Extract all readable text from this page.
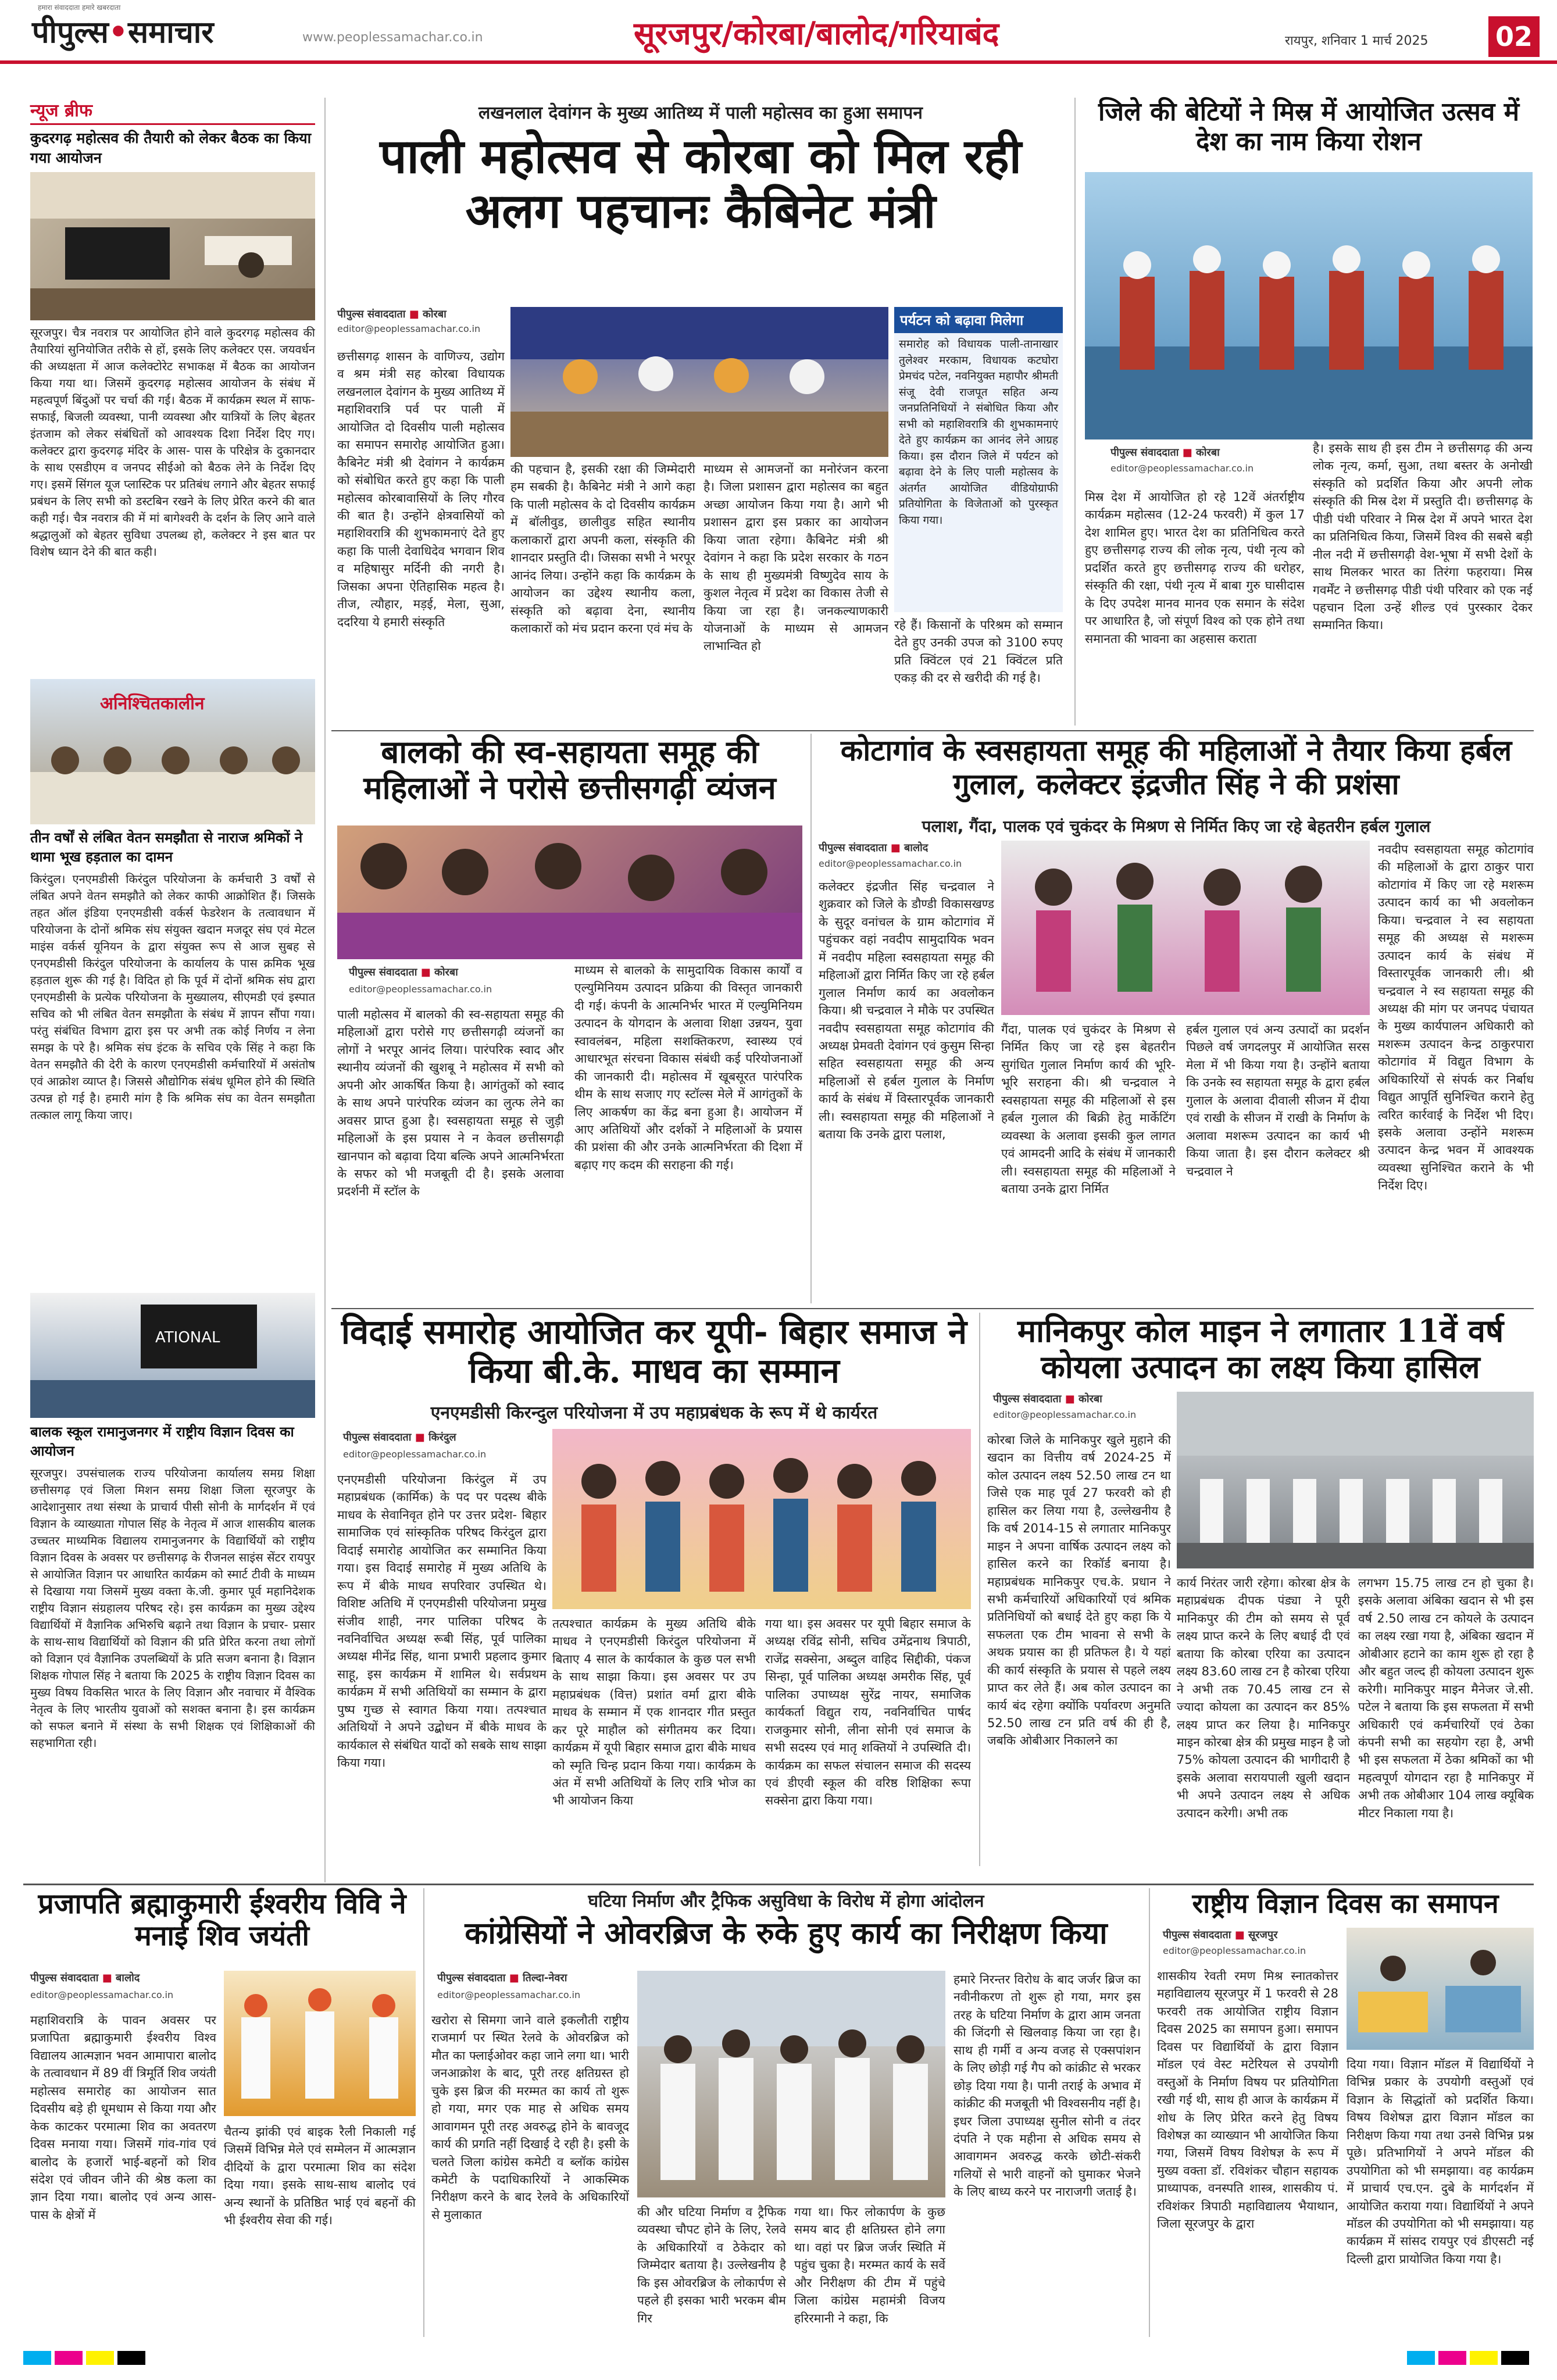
हमारा संवाददाता हमारे खबरदाता
पीपुल्स•समाचार	www.peoplessamachar.co.in	सूरजपुर/कोरबा/बालोद/गरियाबंद	रायपुर, शनिवार 1 मार्च 2025	02
न्यूज ब्रीफ
कुदरगढ़ महोत्सव की तैयारी को लेकर बैठक का किया गया आयोजन
सूरजपुर। चैत्र नवरात्र पर आयोजित होने वाले कुदरगढ़ महोत्सव की तैयारियां सुनियोजित तरीके से हों, इसके लिए कलेक्टर एस. जयवर्धन की अध्यक्षता में आज कलेक्टोरेट सभाकक्ष में बैठक का आयोजन किया गया था। जिसमें कुदरगढ़ महोत्सव आयोजन के संबंध में महत्वपूर्ण बिंदुओं पर चर्चा की गई। बैठक में कार्यक्रम स्थल में साफ- सफाई, बिजली व्यवस्था, पानी व्यवस्था और यात्रियों के लिए बेहतर इंतजाम को लेकर संबंधितों को आवश्यक दिशा निर्देश दिए गए। कलेक्टर द्वारा कुदरगढ़ मंदिर के आस- पास के परिक्षेत्र के दुकानदार के साथ एसडीएम व जनपद सीईओ को बैठक लेने के निर्देश दिए गए। इसमें सिंगल यूज प्लास्टिक पर प्रतिबंध लगाने और बेहतर सफाई प्रबंधन के लिए सभी को डस्टबिन रखने के लिए प्रेरित करने की बात कही गई। चैत्र नवरात्र की में मां बागेश्वरी के दर्शन के लिए आने वाले श्रद्धालुओं को बेहतर सुविधा उपलब्ध हो, कलेक्टर ने इस बात पर विशेष ध्यान देने की बात कही।
अनिश्चितकालीन
तीन वर्षों से लंबित वेतन समझौता से नाराज श्रमिकों ने थामा भूख हड़ताल का दामन
किरंदुल। एनएमडीसी किरंदुल परियोजना के कर्मचारी 3 वर्षों से लंबित अपने वेतन समझौते को लेकर काफी आक्रोशित हैं। जिसके तहत ऑल इंडिया एनएमडीसी वर्कर्स फेडरेशन के तत्वावधान में परियोजना के दोनों श्रमिक संघ संयुक्त खदान मजदूर संघ एवं मेटल माइंस वर्कर्स यूनियन के द्वारा संयुक्त रूप से आज सुबह से एनएमडीसी किरंदुल परियोजना के कार्यालय के पास क्रमिक भूख हड़ताल शुरू की गई है। विदित हो कि पूर्व में दोनों श्रमिक संघ द्वारा एनएमडीसी के प्रत्येक परियोजना के मुख्यालय, सीएमडी एवं इस्पात सचिव को भी लंबित वेतन समझौता के संबंध में ज्ञापन सौंपा गया। परंतु संबंधित विभाग द्वारा इस पर अभी तक कोई निर्णय न लेना समझ के परे है। श्रमिक संघ इंटक के सचिव एके सिंह ने कहा कि वेतन समझौते की देरी के कारण एनएमडीसी कर्मचारियों में असंतोष एवं आक्रोश व्याप्त है। जिससे औद्योगिक संबंध धूमिल होने की स्थिति उत्पन्न हो गई है। हमारी मांग है कि श्रमिक संघ का वेतन समझौता तत्काल लागू किया जाए।
ATIONAL
बालक स्कूल रामानुजनगर में राष्ट्रीय विज्ञान दिवस का आयोजन
सूरजपुर। उपसंचालक राज्य परियोजना कार्यालय समग्र शिक्षा छत्तीसगढ़ एवं जिला मिशन समग्र शिक्षा जिला सूरजपुर के आदेशानुसार तथा संस्था के प्राचार्य पीसी सोनी के मार्गदर्शन में एवं विज्ञान के व्याख्याता गोपाल सिंह के नेतृत्व में आज शासकीय बालक उच्चतर माध्यमिक विद्यालय रामानुजनगर के विद्यार्थियों को राष्ट्रीय विज्ञान दिवस के अवसर पर छत्तीसगढ़ के रीजनल साइंस सेंटर रायपुर से आयोजित विज्ञान पर आधारित कार्यक्रम को स्मार्ट टीवी के माध्यम से दिखाया गया जिसमें मुख्य वक्ता के.जी. कुमार पूर्व महानिदेशक राष्ट्रीय विज्ञान संग्रहालय परिषद रहे। इस कार्यक्रम का मुख्य उद्देश्य विद्यार्थियों में वैज्ञानिक अभिरुचि बढ़ाने तथा विज्ञान के प्रचार- प्रसार के साथ-साथ विद्यार्थियों को विज्ञान की प्रति प्रेरित करना तथा लोगों को विज्ञान एवं वैज्ञानिक उपलब्धियों के प्रति सजग बनाना है। विज्ञान शिक्षक गोपाल सिंह ने बताया कि 2025 के राष्ट्रीय विज्ञान दिवस का मुख्य विषय विकसित भारत के लिए विज्ञान और नवाचार में वैश्विक नेतृत्व के लिए भारतीय युवाओं को सशक्त बनाना है। इस कार्यक्रम को सफल बनाने में संस्था के सभी शिक्षक एवं शिक्षिकाओं की सहभागिता रही।
लखनलाल देवांगन के मुख्य आतिथ्य में पाली महोत्सव का हुआ समापन
पाली महोत्सव से कोरबा को मिल रही अलग पहचानः कैबिनेट मंत्री
पीपुल्स संवाददाता ■ कोरबा
editor@peoplessamachar.co.in
पर्यटन को बढ़ावा मिलेगा
समारोह को विधायक पाली-तानाखार तुलेश्वर मरकाम, विधायक कटघोरा प्रेमचंद पटेल, नवनियुक्त महापौर श्रीमती संजू देवी राजपूत सहित अन्य जनप्रतिनिधियों ने संबोधित किया और सभी को महाशिवरात्रि की शुभकामनाएं देते हुए कार्यक्रम का आनंद लेने आग्रह किया। इस दौरान जिले में पर्यटन को बढ़ावा देने के लिए पाली महोत्सव के अंतर्गत आयोजित वीडियोग्राफी प्रतियोगिता के विजेताओं को पुरस्कृत किया गया।
छत्तीसगढ़ शासन के वाणिज्य, उद्योग व श्रम मंत्री सह कोरबा विधायक लखनलाल देवांगन के मुख्य आतिथ्य में महाशिवरात्रि पर्व पर पाली में आयोजित दो दिवसीय पाली महोत्सव का समापन समारोह आयोजित हुआ। कैबिनेट मंत्री श्री देवांगन ने कार्यक्रम को संबोधित करते हुए कहा कि पाली महोत्सव कोरबावासियों के लिए गौरव की बात है। उन्होंने क्षेत्रवासियों को महाशिवरात्रि की शुभकामनाएं देते हुए कहा कि पाली देवाधिदेव भगवान शिव व महिषासुर मर्दिनी की नगरी है। जिसका अपना ऐतिहासिक महत्व है। तीज, त्यौहार, मड़ई, मेला, सुआ, ददरिया ये हमारी संस्कृति
की पहचान है, इसकी रक्षा की जिम्मेदारी हम सबकी है। कैबिनेट मंत्री ने आगे कहा कि पाली महोत्सव के दो दिवसीय कार्यक्रम में बॉलीवुड, छालीवुड सहित स्थानीय कलाकारों द्वारा अपनी कला, संस्कृति की शानदार प्रस्तुति दी। जिसका सभी ने भरपूर आनंद लिया। उन्होंने कहा कि कार्यक्रम के आयोजन का उद्देश्य स्थानीय कला, संस्कृति को बढ़ावा देना, स्थानीय कलाकारों को मंच प्रदान करना एवं मंच के
माध्यम से आमजनों का मनोरंजन करना है। जिला प्रशासन द्वारा महोत्सव का बहुत अच्छा आयोजन किया गया है। आगे भी प्रशासन द्वारा इस प्रकार का आयोजन किया जाता रहेगा। कैबिनेट मंत्री श्री देवांगन ने कहा कि प्रदेश सरकार के गठन के साथ ही मुख्यमंत्री विष्णुदेव साय के कुशल नेतृत्व में प्रदेश का विकास तेजी से किया जा रहा है। जनकल्याणकारी योजनाओं के माध्यम से आमजन लाभान्वित हो
रहे हैं। किसानों के परिश्रम को सम्मान देते हुए उनकी उपज को 3100 रुपए प्रति क्विंटल एवं 21 क्विंटल प्रति एकड़ की दर से खरीदी की गई है।
जिले की बेटियों ने मिस्र में आयोजित उत्सव में देश का नाम किया रोशन
पीपुल्स संवाददाता ■ कोरबा
editor@peoplessamachar.co.in
मिस्र देश में आयोजित हो रहे 12वें अंतर्राष्ट्रीय कार्यक्रम महोत्सव (12-24 फरवरी) में कुल 17 देश शामिल हुए। भारत देश का प्रतिनिधित्व करते हुए छत्तीसगढ़ राज्य की लोक नृत्य, पंथी नृत्य को प्रदर्शित करते हुए छत्तीसगढ़ राज्य की धरोहर, संस्कृति की रक्षा, पंथी नृत्य में बाबा गुरु घासीदास के दिए उपदेश मानव मानव एक समान के संदेश पर आधारित है, जो संपूर्ण विश्व को एक होने तथा समानता की भावना का अहसास कराता
है। इसके साथ ही इस टीम ने छत्तीसगढ़ की अन्य लोक नृत्य, कर्मा, सुआ, तथा बस्तर के अनोखी संस्कृति को प्रदर्शित किया और अपनी लोक संस्कृति की मिस्र देश में प्रस्तुति दी। छत्तीसगढ़ के पीडी पंथी परिवार ने मिस्र देश में अपने भारत देश का प्रतिनिधित्व किया, जिसमें विश्व की सबसे बड़ी नील नदी में छत्तीसगढ़ी वेश-भूषा में सभी देशों के साथ मिलकर भारत का तिरंगा फहराया। मिस्र गवर्मेंट ने छत्तीसगढ़ पीडी पंथी परिवार को एक नई पहचान दिला उन्हें शील्ड एवं पुरस्कार देकर सम्मानित किया।
बालको की स्व-सहायता समूह की महिलाओं ने परोसे छत्तीसगढ़ी व्यंजन
पीपुल्स संवाददाता ■ कोरबा
editor@peoplessamachar.co.in
पाली महोत्सव में बालको की स्व-सहायता समूह की महिलाओं द्वारा परोसे गए छत्तीसगढ़ी व्यंजनों का लोगों ने भरपूर आनंद लिया। पारंपरिक स्वाद और स्थानीय व्यंजनों की खुशबू ने महोत्सव में सभी को अपनी ओर आकर्षित किया है। आगंतुकों को स्वाद के साथ अपने पारंपरिक व्यंजन का लुत्फ लेने का अवसर प्राप्त हुआ है। स्वसहायता समूह से जुड़ी महिलाओं के इस प्रयास ने न केवल छत्तीसगढ़ी खानपान को बढ़ावा दिया बल्कि अपने आत्मनिर्भरता के सफर को भी मजबूती दी है। इसके अलावा प्रदर्शनी में स्टॉल के
माध्यम से बालको के सामुदायिक विकास कार्यों व एल्युमिनियम उत्पादन प्रक्रिया की विस्तृत जानकारी दी गई। कंपनी के आत्मनिर्भर भारत में एल्युमिनियम उत्पादन के योगदान के अलावा शिक्षा उन्नयन, युवा स्वावलंबन, महिला सशक्तिकरण, स्वास्थ्य एवं आधारभूत संरचना विकास संबंधी कई परियोजनाओं की जानकारी दी। महोत्सव में खूबसूरत पारंपरिक थीम के साथ सजाए गए स्टॉल्स मेले में आगंतुकों के लिए आकर्षण का केंद्र बना हुआ है। आयोजन में आए अतिथियों और दर्शकों ने महिलाओं के प्रयास की प्रशंसा की और उनके आत्मनिर्भरता की दिशा में बढ़ाए गए कदम की सराहना की गई।
कोटागांव के स्वसहायता समूह की महिलाओं ने तैयार किया हर्बल गुलाल, कलेक्टर इंद्रजीत सिंह ने की प्रशंसा
पलाश, गैंदा, पालक एवं चुकंदर के मिश्रण से निर्मित किए जा रहे बेहतरीन हर्बल गुलाल
पीपुल्स संवाददाता ■ बालोद
editor@peoplessamachar.co.in
कलेक्टर इंद्रजीत सिंह चन्द्रवाल ने शुक्रवार को जिले के डौण्डी विकासखण्ड के सुदूर वनांचल के ग्राम कोटागांव में पहुंचकर वहां नवदीप सामुदायिक भवन में नवदीप महिला स्वसहायता समूह की महिलाओं द्वारा निर्मित किए जा रहे हर्बल गुलाल निर्माण कार्य का अवलोकन किया। श्री चन्द्रवाल ने मौके पर उपस्थित नवदीप स्वसहायता समूह कोटागांव की अध्यक्ष प्रेमवती देवांगन एवं कुसुम सिन्हा सहित स्वसहायता समूह की अन्य महिलाओं से हर्बल गुलाल के निर्माण कार्य के संबंध में विस्तारपूर्वक जानकारी ली। स्वसहायता समूह की महिलाओं ने बताया कि उनके द्वारा पलाश,
गैंदा, पालक एवं चुकंदर के मिश्रण से निर्मित किए जा रहे इस बेहतरीन सुगंधित गुलाल निर्माण कार्य की भूरि-भूरि सराहना की। श्री चन्द्रवाल ने स्वसहायता समूह की महिलाओं से इस हर्बल गुलाल की बिक्री हेतु मार्केटिंग व्यवस्था के अलावा इसकी कुल लागत एवं आमदनी आदि के संबंध में जानकारी ली। स्वसहायता समूह की महिलाओं ने बताया उनके द्वारा निर्मित
हर्बल गुलाल एवं अन्य उत्पादों का प्रदर्शन पिछले वर्ष जगदलपुर में आयोजित सरस मेला में भी किया गया है। उन्होंने बताया कि उनके स्व सहायता समूह के द्वारा हर्बल गुलाल के अलावा दीवाली सीजन में दीया एवं राखी के सीजन में राखी के निर्माण के अलावा मशरूम उत्पादन का कार्य भी किया जाता है। इस दौरान कलेक्टर श्री चन्द्रवाल ने
नवदीप स्वसहायता समूह कोटागांव की महिलाओं के द्वारा ठाकुर पारा कोटागांव में किए जा रहे मशरूम उत्पादन कार्य का भी अवलोकन किया। चन्द्रवाल ने स्व सहायता समूह की अध्यक्ष से मशरूम उत्पादन कार्य के संबंध में विस्तारपूर्वक जानकारी ली। श्री चन्द्रवाल ने स्व सहायता समूह की अध्यक्ष की मांग पर जनपद पंचायत के मुख्य कार्यपालन अधिकारी को मशरूम उत्पादन केन्द्र ठाकुरपारा कोटागांव में विद्युत विभाग के अधिकारियों से संपर्क कर निर्बाध विद्युत आपूर्ति सुनिश्चित कराने हेतु त्वरित कार्रवाई के निर्देश भी दिए। इसके अलावा उन्होंने मशरूम उत्पादन केन्द्र भवन में आवश्यक व्यवस्था सुनिश्चित कराने के भी निर्देश दिए।
विदाई समारोह आयोजित कर यूपी- बिहार समाज ने किया बी.के. माधव का सम्मान
एनएमडीसी किरन्दुल परियोजना में उप महाप्रबंधक के रूप में थे कार्यरत
पीपुल्स संवाददाता ■ किरंदुल
editor@peoplessamachar.co.in
एनएमडीसी परियोजना किरंदुल में उप महाप्रबंधक (कार्मिक) के पद पर पदस्थ बीके माधव के सेवानिवृत होने पर उत्तर प्रदेश- बिहार सामाजिक एवं सांस्कृतिक परिषद किरंदुल द्वारा विदाई समारोह आयोजित कर सम्मानित किया गया। इस विदाई समारोह में मुख्य अतिथि के रूप में बीके माधव सपरिवार उपस्थित थे। विशिष्ट अतिथि में एनएमडीसी परियोजना प्रमुख संजीव शाही, नगर पालिका परिषद के नवनिर्वाचित अध्यक्ष रूबी सिंह, पूर्व पालिका अध्यक्ष मीनेंद्र सिंह, थाना प्रभारी प्रहलाद कुमार साहू, इस कार्यक्रम में शामिल थे। सर्वप्रथम कार्यक्रम में सभी अतिथियों का सम्मान के द्वारा पुष्प गुच्छ से स्वागत किया गया। तत्पश्चात अतिथियों ने अपने उद्बोधन में बीके माधव के कार्यकाल से संबंधित यादों को सबके साथ साझा किया गया।
तत्पश्चात कार्यक्रम के मुख्य अतिथि बीके माधव ने एनएमडीसी किरंदुल परियोजना में बिताए 4 साल के कार्यकाल के कुछ पल सभी के साथ साझा किया। इस अवसर पर उप महाप्रबंधक (वित्त) प्रशांत वर्मा द्वारा बीके माधव के सम्मान में एक शानदार गीत प्रस्तुत कर पूरे माहौल को संगीतमय कर दिया। कार्यक्रम में यूपी बिहार समाज द्वारा बीके माधव को स्मृति चिन्ह प्रदान किया गया। कार्यक्रम के अंत में सभी अतिथियों के लिए रात्रि भोज का भी आयोजन किया
गया था। इस अवसर पर यूपी बिहार समाज के अध्यक्ष रविंद्र सोनी, सचिव उमेंद्रनाथ त्रिपाठी, राजेंद्र सक्सेना, अब्दुल वाहिद सिद्दीकी, पंकज सिन्हा, पूर्व पालिका अध्यक्ष अमरीक सिंह, पूर्व पालिका उपाध्यक्ष सुरेंद्र नायर, समाजिक कार्यकर्ता विद्युत राय, नवनिर्वाचित पार्षद राजकुमार सोनी, लीना सोनी एवं समाज के सभी सदस्य एवं मातृ शक्तियों ने उपस्थिति दी। कार्यक्रम का सफल संचालन समाज की सदस्य एवं डीएवी स्कूल की वरिष्ठ शिक्षिका रूपा सक्सेना द्वारा किया गया।
मानिकपुर कोल माइन ने लगातार 11वें वर्ष कोयला उत्पादन का लक्ष्य किया हासिल
पीपुल्स संवाददाता ■ कोरबा
editor@peoplessamachar.co.in
कोरबा जिले के मानिकपुर खुले मुहाने की खदान का वित्तीय वर्ष 2024-25 में कोल उत्पादन लक्ष्य 52.50 लाख टन था जिसे एक माह पूर्व 27 फरवरी को ही हासिल कर लिया गया है, उल्लेखनीय है कि वर्ष 2014-15 से लगातार मानिकपुर माइन ने अपना वार्षिक उत्पादन लक्ष्य को हासिल करने का रिकॉर्ड बनाया है। महाप्रबंधक मानिकपुर एच.के. प्रधान ने सभी कर्मचारियों अधिकारियों एवं श्रमिक प्रतिनिधियों को बधाई देते हुए कहा कि ये सफलता एक टीम भावना से सभी के अथक प्रयास का ही प्रतिफल है। ये यहां की कार्य संस्कृति के प्रयास से पहले लक्ष्य प्राप्त कर लेते हैं। अब कोल उत्पादन का कार्य बंद रहेगा क्योंकि पर्यावरण अनुमति 52.50 लाख टन प्रति वर्ष की ही है, जबकि ओबीआर निकालने का
कार्य निरंतर जारी रहेगा। कोरबा क्षेत्र के महाप्रबंधक दीपक पंड्या ने पूरी मानिकपुर की टीम को समय से पूर्व लक्ष्य प्राप्त करने के लिए बधाई दी एवं बताया कि कोरबा एरिया का उत्पादन लक्ष्य 83.60 लाख टन है कोरबा एरिया ने अभी तक 70.45 लाख टन से ज्यादा कोयला का उत्पादन कर 85% लक्ष्य प्राप्त कर लिया है। मानिकपुर माइन कोरबा क्षेत्र की प्रमुख माइन है जो 75% कोयला उत्पादन की भागीदारी है इसके अलावा सरायपाली खुली खदान भी अपने उत्पादन लक्ष्य से अधिक उत्पादन करेगी। अभी तक
लगभग 15.75 लाख टन हो चुका है। इसके अलावा अंबिका खदान से भी इस वर्ष 2.50 लाख टन कोयले के उत्पादन का लक्ष्य रखा गया है, अंबिका खदान में ओबीआर हटाने का काम शुरू हो रहा है और बहुत जल्द ही कोयला उत्पादन शुरू करेगी। मानिकपुर माइन मैनेजर जे.सी. पटेल ने बताया कि इस सफलता में सभी अधिकारी एवं कर्मचारियों एवं ठेका कंपनी सभी का सहयोग रहा है, अभी भी इस सफलता में ठेका श्रमिकों का भी महत्वपूर्ण योगदान रहा है मानिकपुर में अभी तक ओबीआर 104 लाख क्यूबिक मीटर निकाला गया है।
प्रजापति ब्रह्माकुमारी ईश्वरीय विवि ने मनाई शिव जयंती
पीपुल्स संवाददाता ■ बालोद
editor@peoplessamachar.co.in
महाशिवरात्रि के पावन अवसर पर प्रजापिता ब्रह्माकुमारी ईश्वरीय विश्व विद्यालय आत्मज्ञान भवन आमापारा बालोद के तत्वावधान में 89 वीं त्रिमूर्ति शिव जयंती महोत्सव समारोह का आयोजन सात दिवसीय बड़े ही धूमधाम से किया गया और केक काटकर परमात्मा शिव का अवतरण दिवस मनाया गया। जिसमें गांव-गांव एवं बालोद के हजारों भाई-बहनों को शिव संदेश एवं जीवन जीने की श्रेष्ठ कला का ज्ञान दिया गया। बालोद एवं अन्य आस-पास के क्षेत्रों में
चैतन्य झांकी एवं बाइक रैली निकाली गई जिसमें विभिन्न मेले एवं सम्मेलन में आत्मज्ञान दीदियों के द्वारा परमात्मा शिव का संदेश दिया गया। इसके साथ-साथ बालोद एवं अन्य स्थानों के प्रतिष्ठित भाई एवं बहनों की भी ईश्वरीय सेवा की गई।
घटिया निर्माण और ट्रैफिक असुविधा के विरोध में होगा आंदोलन
कांग्रेसियों ने ओवरब्रिज के रुके हुए कार्य का निरीक्षण किया
पीपुल्स संवाददाता ■ तिल्दा-नेवरा
editor@peoplessamachar.co.in
खरोरा से सिमगा जाने वाले इकलौती राष्ट्रीय राजमार्ग पर स्थित रेलवे के ओवरब्रिज को मौत का फ्लाईओवर कहा जाने लगा था। भारी जनआक्रोश के बाद, पूरी तरह क्षतिग्रस्त हो चुके इस ब्रिज की मरम्मत का कार्य तो शुरू हो गया, मगर एक माह से अधिक समय आवागमन पूरी तरह अवरुद्ध होने के बावजूद कार्य की प्रगति नहीं दिखाई दे रही है। इसी के चलते जिला कांग्रेस कमेटी व ब्लॉक कांग्रेस कमेटी के पदाधिकारियों ने आकस्मिक निरीक्षण करने के बाद रेलवे के अधिकारियों से मुलाकात	की और घटिया निर्माण व ट्रैफिक व्यवस्था चौपट होने के लिए, रेलवे के अधिकारियों व ठेकेदार को जिम्मेदार बताया है। उल्लेखनीय है कि इस ओवरब्रिज के लोकार्पण से पहले ही इसका भारी भरकम बीम गिर
गया था। फिर लोकार्पण के कुछ समय बाद ही क्षतिग्रस्त होने लगा था। वहां पर ब्रिज जर्जर स्थिति में पहुंच चुका है। मरम्मत कार्य के सर्वे और निरीक्षण की टीम में पहुंचे जिला कांग्रेस महामंत्री विजय हरिरमानी ने कहा, कि
हमारे निरन्तर विरोध के बाद जर्जर ब्रिज का नवीनीकरण तो शुरू हो गया, मगर इस तरह के घटिया निर्माण के द्वारा आम जनता की जिंदगी से खिलवाड़ किया जा रहा है। साथ ही गर्मी व अन्य वजह से एक्सपांशन के लिए छोड़ी गई गैप को कांक्रीट से भरकर छोड़ दिया गया है। पानी तराई के अभाव में कांक्रीट की मजबूती भी विश्वसनीय नहीं है। इधर जिला उपाध्यक्ष सुनील सोनी व तंदर दंपति ने एक महीना से अधिक समय से आवागमन अवरुद्ध करके छोटी-संकरी गलियों से भारी वाहनों को घुमाकर भेजने के लिए बाध्य करने पर नाराजगी जताई है।
राष्ट्रीय विज्ञान दिवस का समापन
पीपुल्स संवाददाता ■ सूरजपुर
editor@peoplessamachar.co.in
शासकीय रेवती रमण मिश्र स्नातकोत्तर महाविद्यालय सूरजपुर में 1 फरवरी से 28 फरवरी तक आयोजित राष्ट्रीय विज्ञान दिवस 2025 का समापन हुआ। समापन दिवस पर विद्यार्थियों के द्वारा विज्ञान मॉडल एवं वेस्ट मटेरियल से उपयोगी वस्तुओं के निर्माण विषय पर प्रतियोगिता रखी गई थी, साथ ही आज के कार्यक्रम में शोध के लिए प्रेरित करने हेतु विषय विशेषज्ञ का व्याख्यान भी आयोजित किया गया, जिसमें विषय विशेषज्ञ के रूप में मुख्य वक्ता डॉ. रविशंकर चौहान सहायक प्राध्यापक, वनस्पति शास्त्र, शासकीय पं. रविशंकर त्रिपाठी महाविद्यालय भैयाथान, जिला सूरजपुर के द्वारा
दिया गया। विज्ञान मॉडल में विद्यार्थियों ने विभिन्न प्रकार के उपयोगी वस्तुओं एवं विज्ञान के सिद्धांतों को प्रदर्शित किया। विषय विशेषज्ञ द्वारा विज्ञान मॉडल का निरीक्षण किया गया तथा उनसे विभिन्न प्रश्न पूछे। प्रतिभागियों ने अपने मॉडल की उपयोगिता को भी समझाया। वह कार्यक्रम में प्राचार्य एच.एन. दुबे के मार्गदर्शन में आयोजित कराया गया। विद्यार्थियों ने अपने मॉडल की उपयोगिता को भी समझाया। यह कार्यक्रम में सांसद रायपुर एवं डीएसटी नई दिल्ली द्वारा प्रायोजित किया गया है।
